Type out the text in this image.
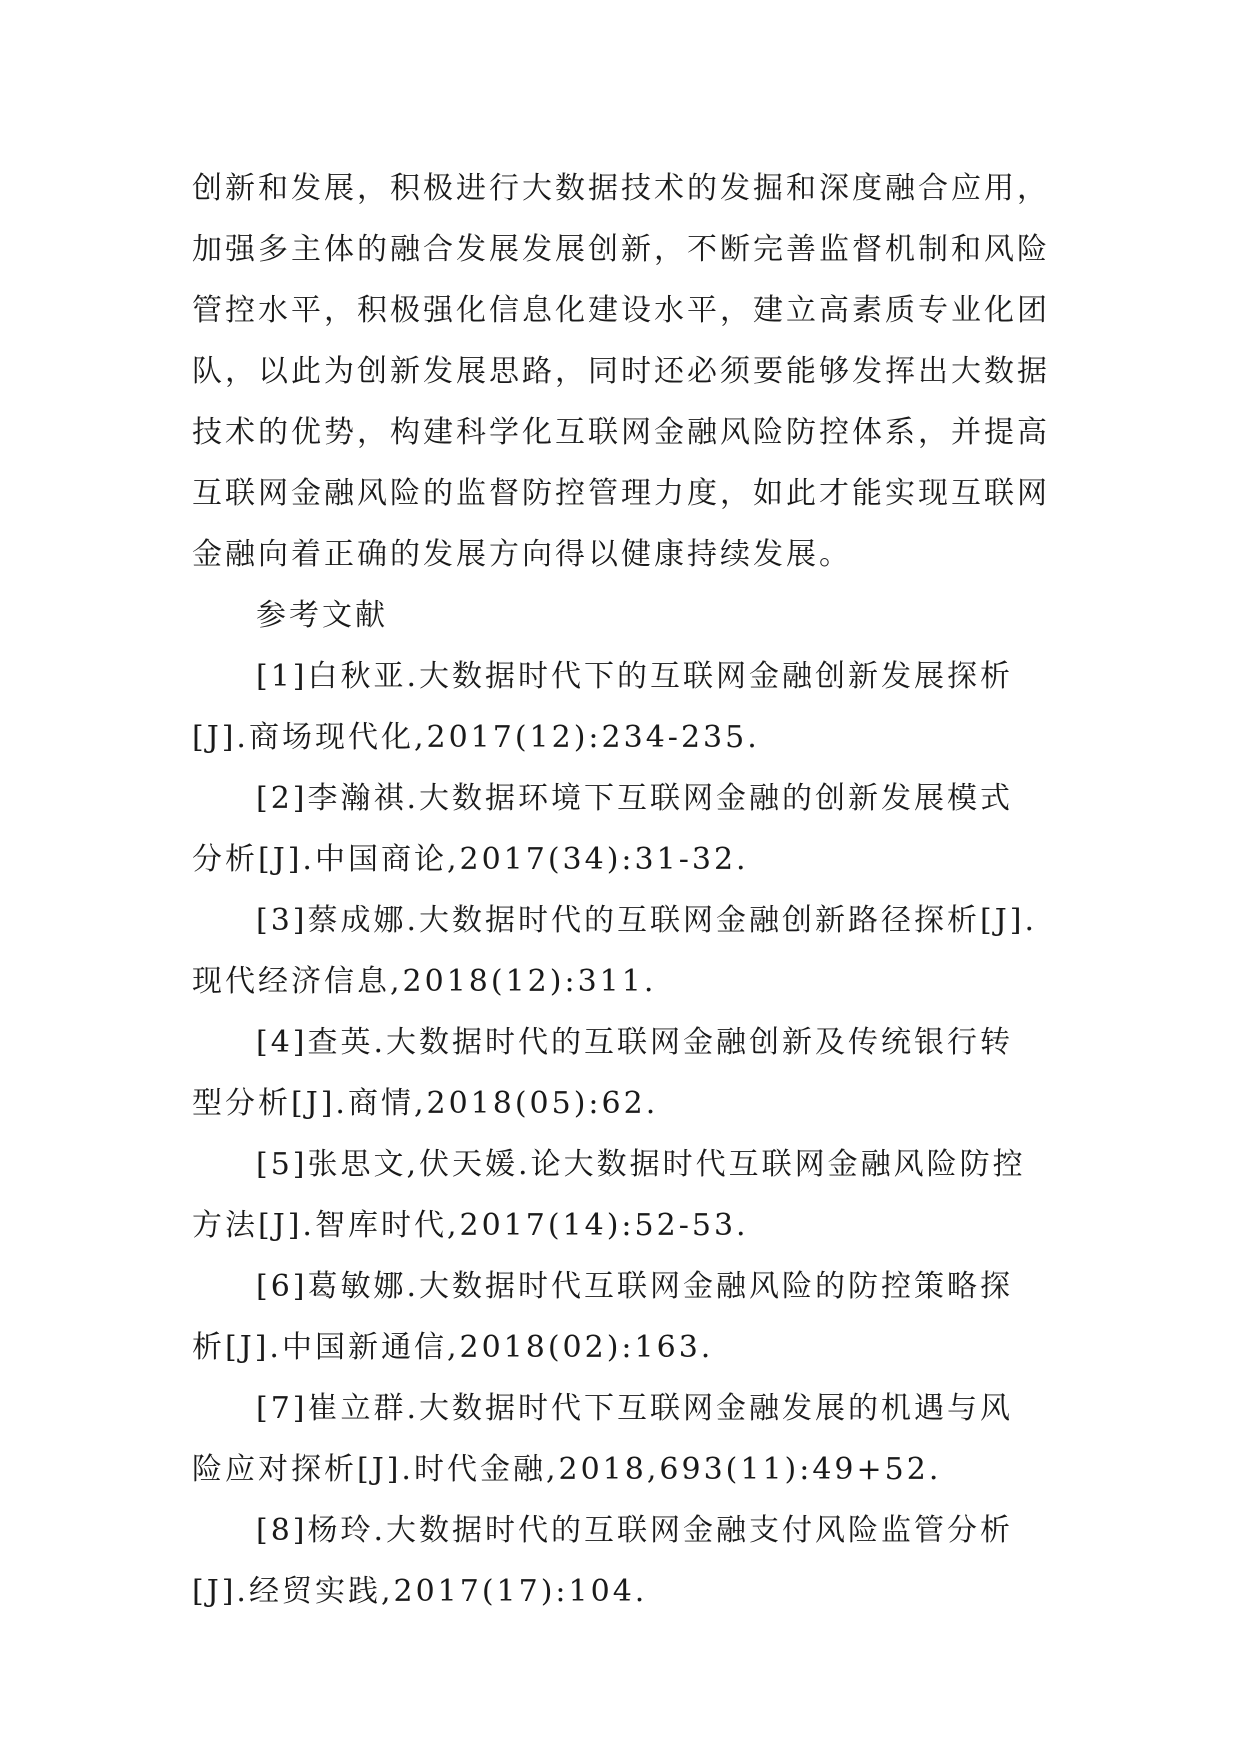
创新和发展，积极进行大数据技术的发掘和深度融合应用，
加强多主体的融合发展发展创新，不断完善监督机制和风险
管控水平，积极强化信息化建设水平，建立高素质专业化团
队，以此为创新发展思路，同时还必须要能够发挥出大数据
技术的优势，构建科学化互联网金融风险防控体系，并提高
互联网金融风险的监督防控管理力度，如此才能实现互联网
金融向着正确的发展方向得以健康持续发展。
参考文献
[1]白秋亚.大数据时代下的互联网金融创新发展探析
[J].商场现代化,2017(12):234-235.
[2]李瀚祺.大数据环境下互联网金融的创新发展模式
分析[J].中国商论,2017(34):31-32.
[3]蔡成娜.大数据时代的互联网金融创新路径探析[J].
现代经济信息,2018(12):311.
[4]查英.大数据时代的互联网金融创新及传统银行转
型分析[J].商情,2018(05):62.
[5]张思文,伏天媛.论大数据时代互联网金融风险防控
方法[J].智库时代,2017(14):52-53.
[6]葛敏娜.大数据时代互联网金融风险的防控策略探
析[J].中国新通信,2018(02):163.
[7]崔立群.大数据时代下互联网金融发展的机遇与风
险应对探析[J].时代金融,2018,693(11):49+52.
[8]杨玲.大数据时代的互联网金融支付风险监管分析
[J].经贸实践,2017(17):104.
